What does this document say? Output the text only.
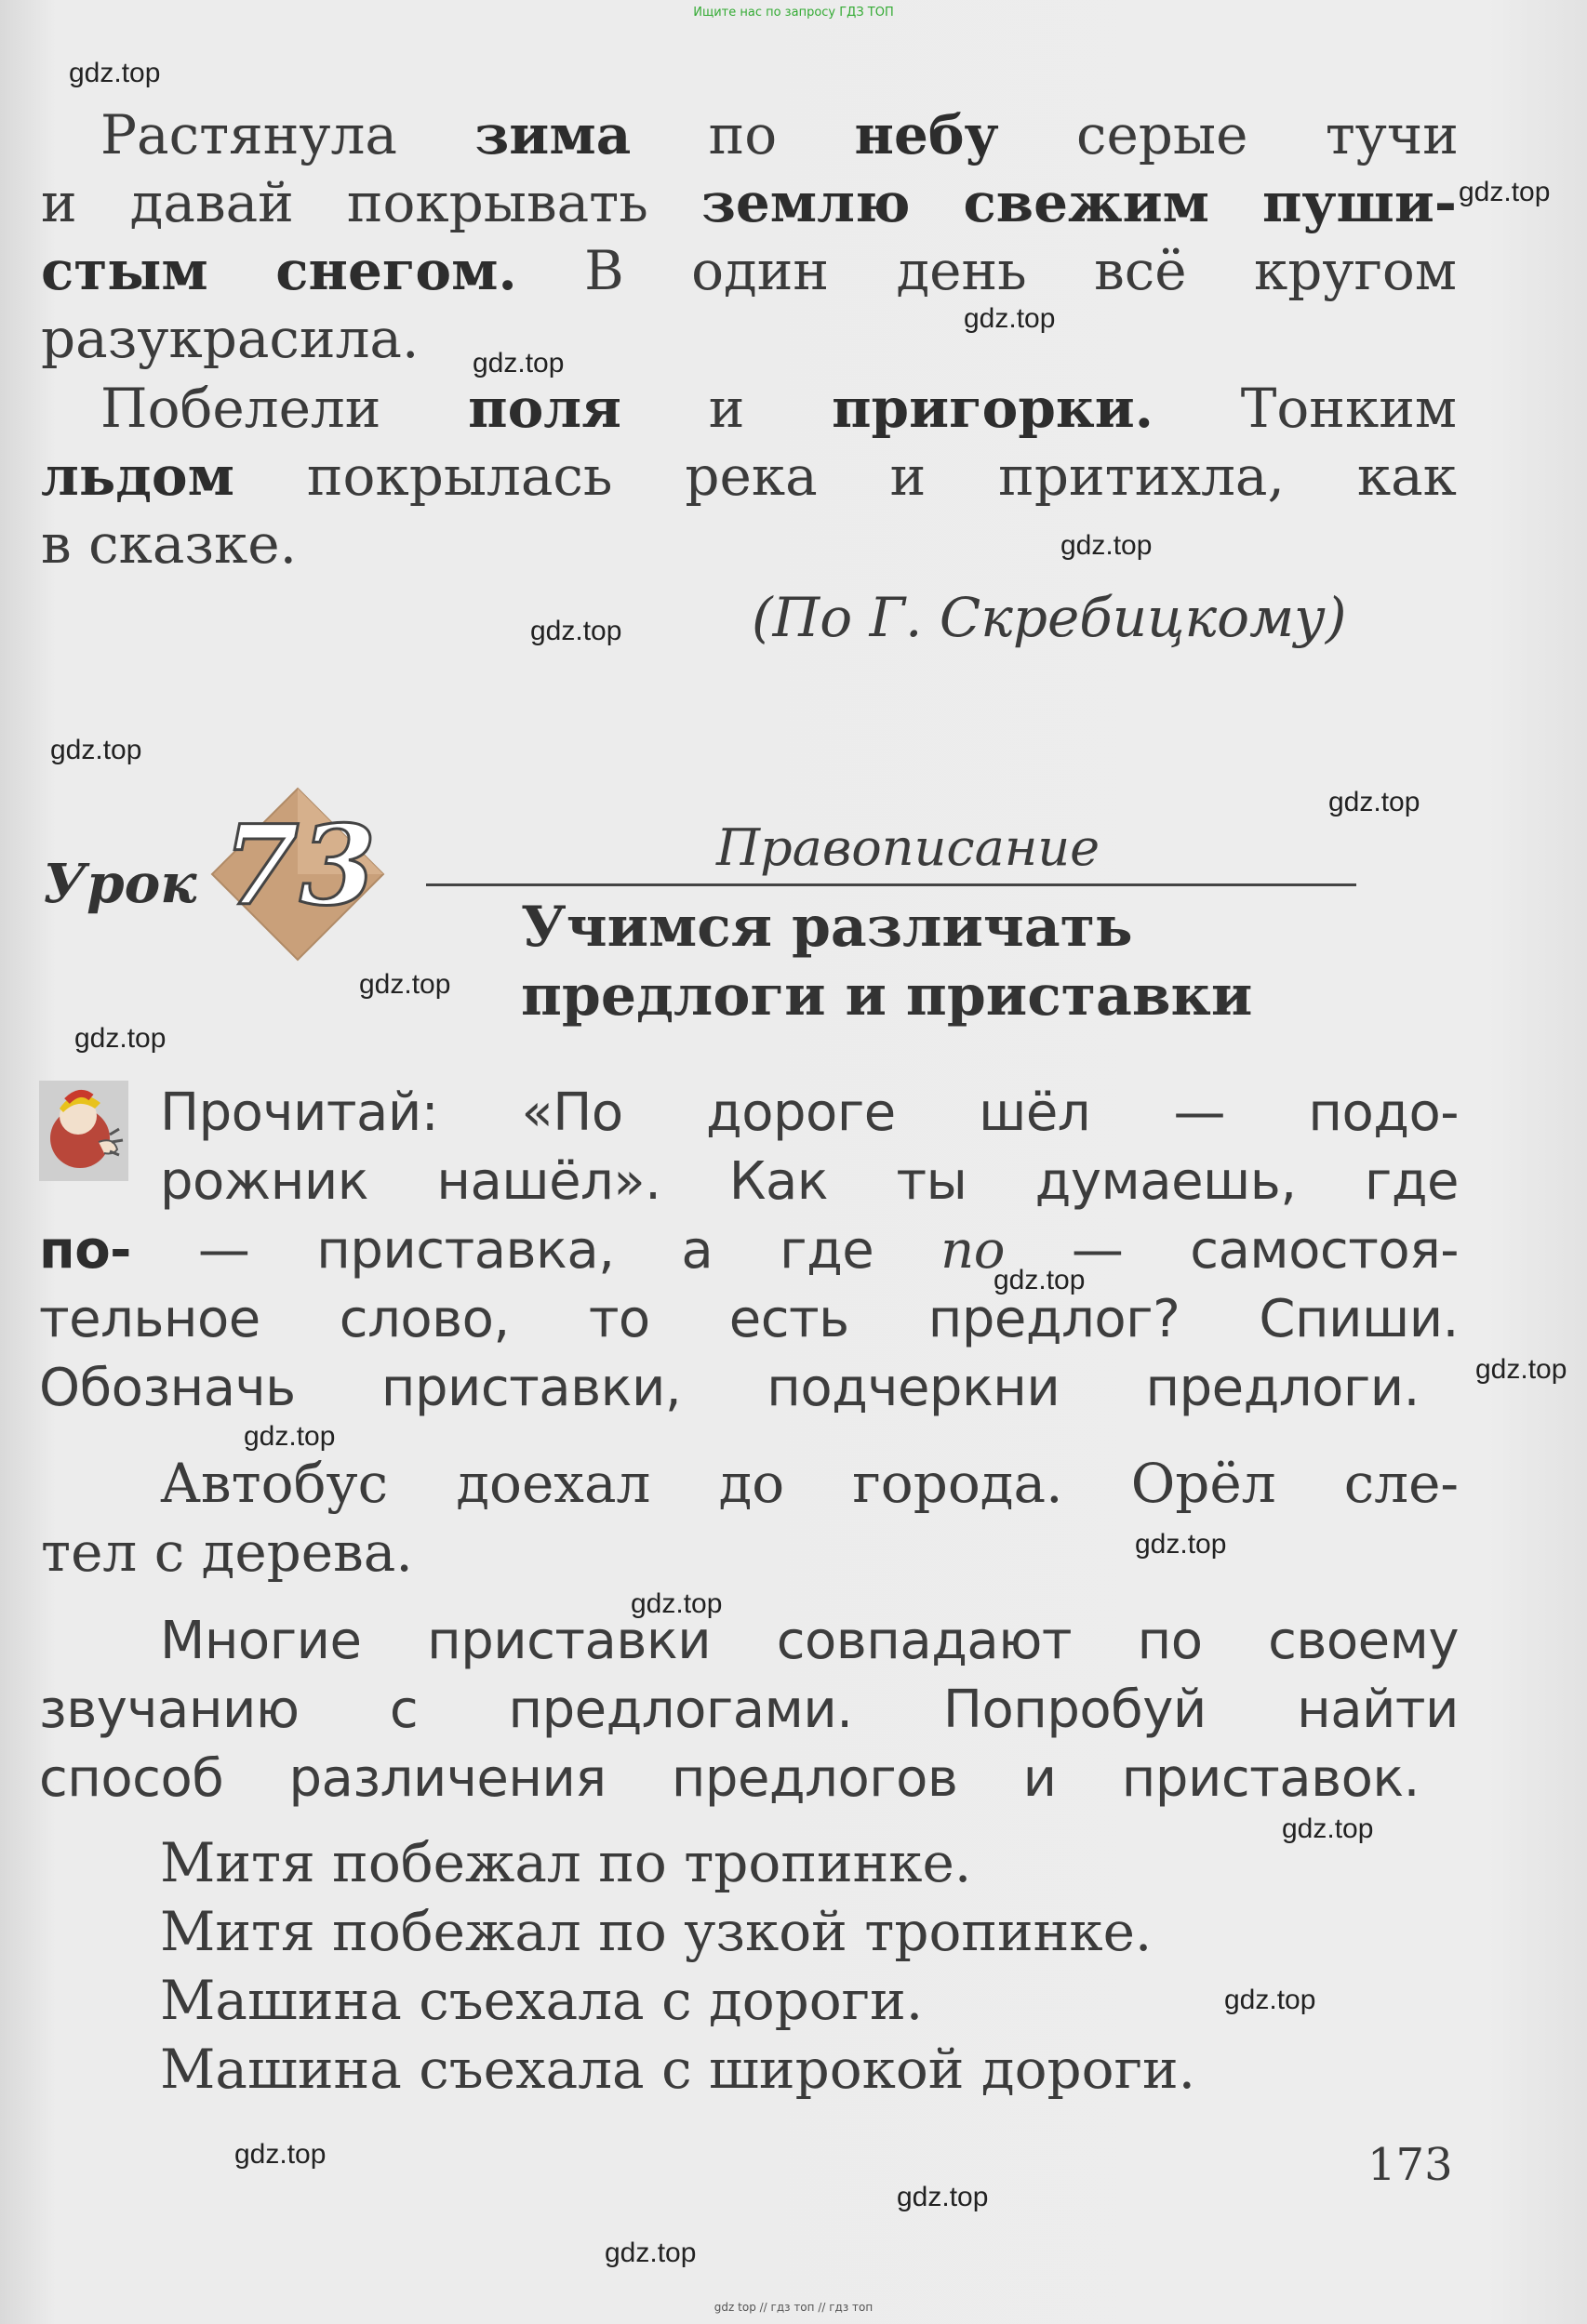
Ищите нас по запросу ГДЗ ТОП
Растянула зима по небу серые тучи
и давай покрывать землю свежим пуши-
стым снегом. В один день всё кругом
разукрасила.
Побелели поля и пригорки. Тонким
льдом покрылась река и притихла, как
в сказке.
(По Г. Скребицкому)
Урок 73	Правописание
Учимся различать
предлоги и приставки
Прочитай: «По дороге шёл — подо-
рожник нашёл». Как ты думаешь, где
по- — приставка, а где по — самостоя-
тельное слово, то есть предлог? Спиши.
Обозначь приставки, подчеркни предлоги.
Автобус доехал до города. Орёл сле-
тел с дерева.
Многие приставки совпадают по своему
звучанию с предлогами. Попробуй найти
способ различения предлогов и приставок.
Митя побежал по тропинке.
Митя побежал по узкой тропинке.
Машина съехала с дороги.
Машина съехала с широкой дороги.
173
gdz.top
gdz.top
gdz.top
gdz.top
gdz.top
gdz.top
gdz.top
gdz.top
gdz.top
gdz.top
gdz.top
gdz.top
gdz.top
gdz.top
gdz.top
gdz.top
gdz.top
gdz.top
gdz.top
gdz.top
gdz top // гдз топ // гдз топ
